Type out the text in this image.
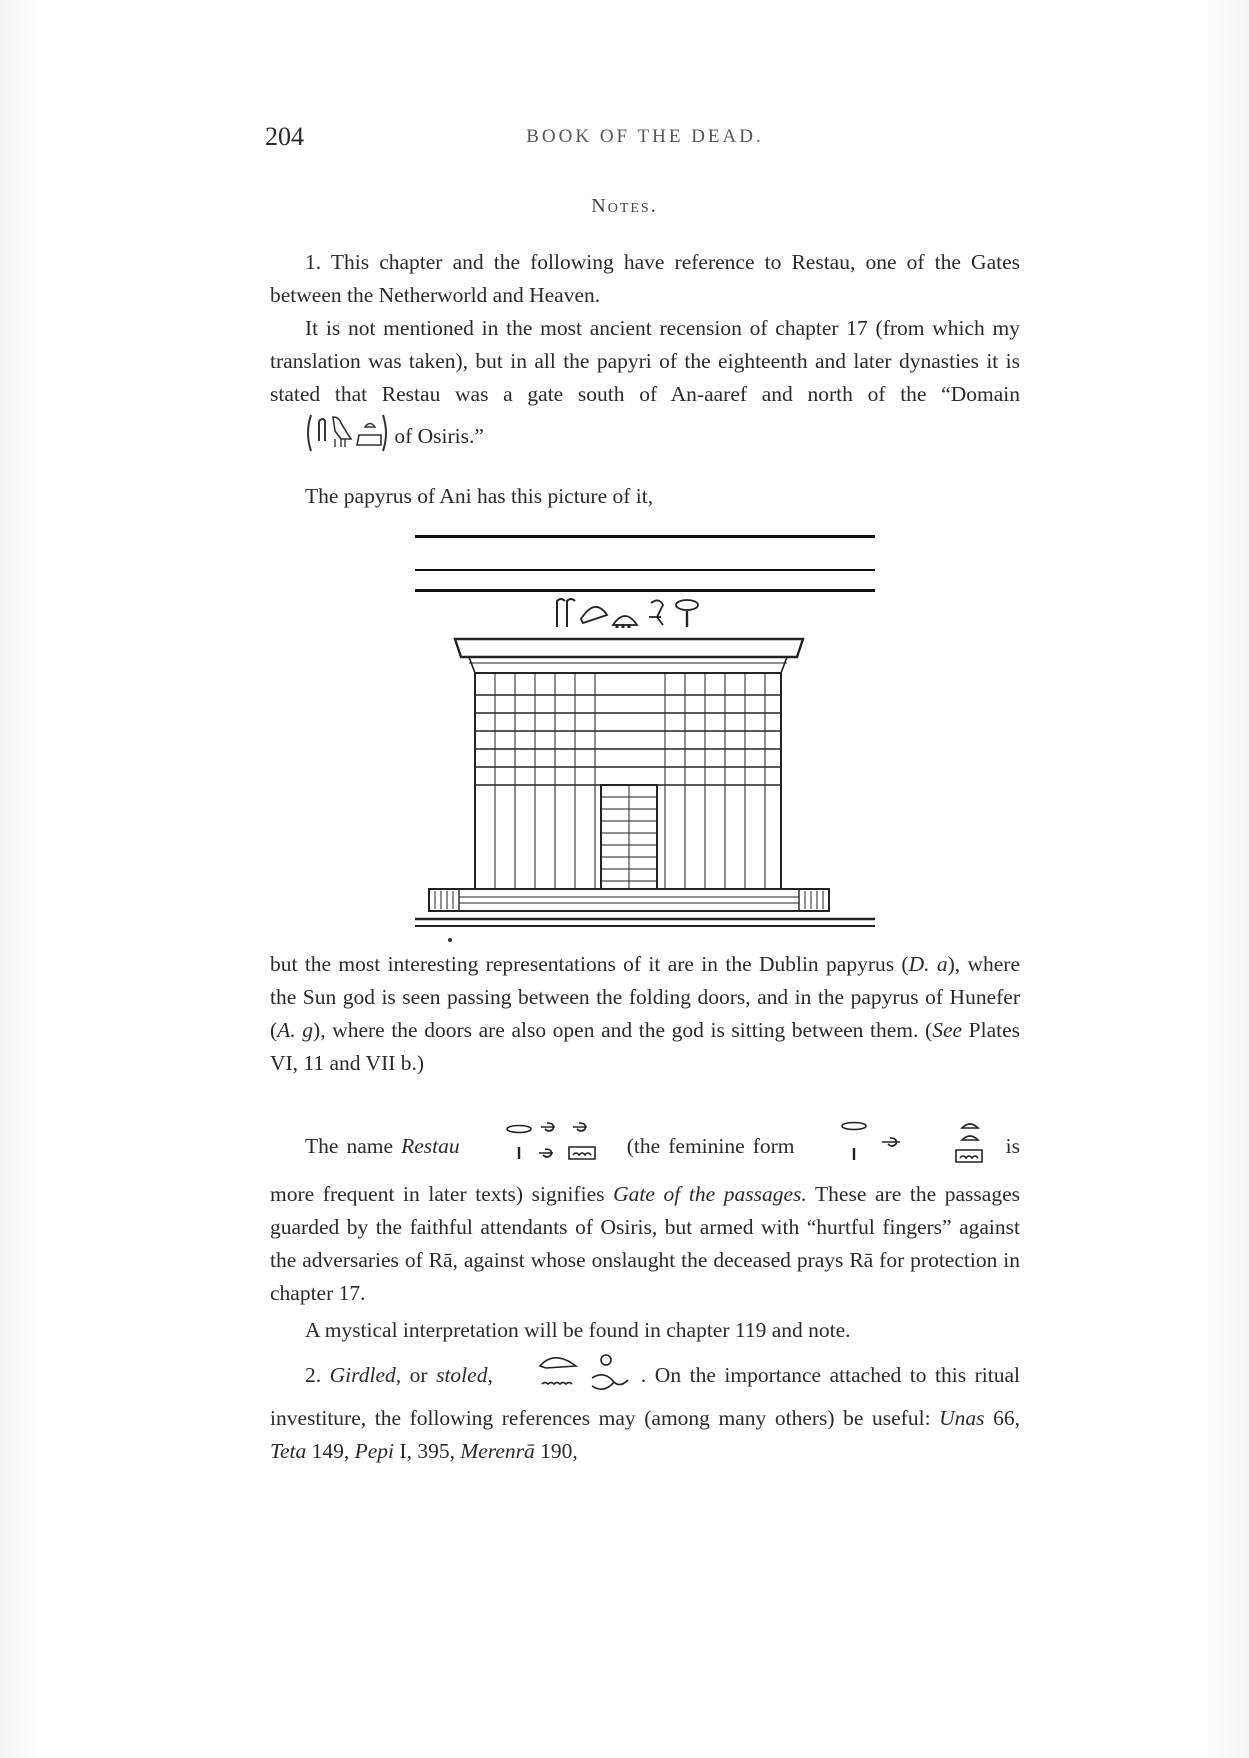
204	BOOK OF THE DEAD.
Notes.

1. This chapter and the following have reference to Restau, one of the Gates between the Netherworld and Heaven.

It is not mentioned in the most ancient recension of chapter 17 (from which my translation was taken), but in all the papyri of the eighteenth and later dynasties it is stated that Restau was a gate south of An-aaref and north of the “Domain  of Osiris.”

The papyrus of Ani has this picture of it,

but the most interesting representations of it are in the Dublin papyrus (D. a), where the Sun god is seen passing between the folding doors, and in the papyrus of Hunefer (A. g), where the doors are also open and the god is sitting between them. (See Plates VI, 11 and VII b.)

The name Restau	(the feminine form	is more frequent in later texts) signifies Gate of the passages. These are the passages guarded by the faithful attendants of Osiris, but armed with “hurtful fingers” against the adversaries of Rā, against whose onslaught the deceased prays Rā for protection in chapter 17.

A mystical interpretation will be found in chapter 119 and note.

2. Girdled, or stoled,	. On the importance attached to this ritual investiture, the following references may (among many others) be useful: Unas 66, Teta 149, Pepi I, 395, Merenrā 190,
